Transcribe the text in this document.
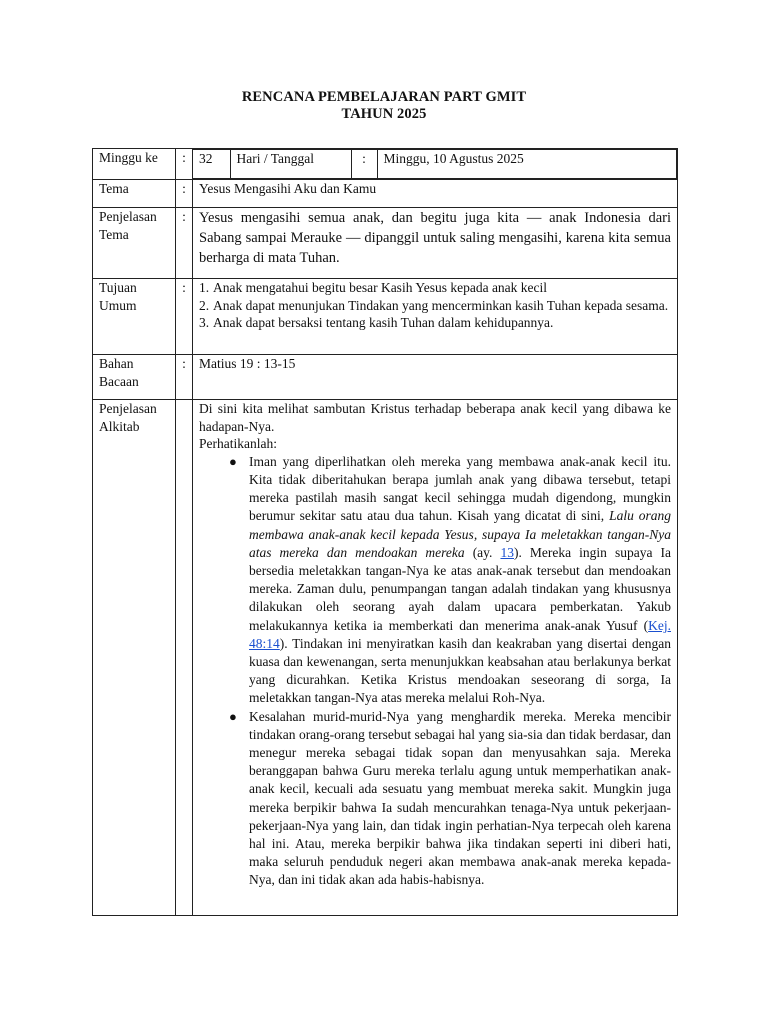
RENCANA PEMBELAJARAN PART GMIT
TAHUN 2025
Minggu ke	:	32	Hari / Tanggal	:	Minggu, 10 Agustus 2025

Tema	:	Yesus Mengasihi Aku dan Kamu

Penjelasan
Tema
	:	Yesus mengasihi semua anak, dan begitu juga kita — anak Indonesia dari Sabang sampai Merauke — dipanggil untuk saling mengasihi, karena kita semua berharga di mata Tuhan.

Tujuan
Umum
	:	1. Anak mengatahui begitu besar Kasih Yesus kepada anak kecil
2. Anak dapat menunjukan Tindakan yang mencerminkan kasih Tuhan kepada sesama.
3. Anak dapat bersaksi tentang kasih Tuhan dalam kehidupannya.

Bahan
Bacaan
	:	Matius 19 : 13-15

Penjelasan
Alkitab

Di sini kita melihat sambutan Kristus terhadap beberapa anak kecil yang dibawa ke hadapan-Nya.
Perhatikanlah:
● Iman yang diperlihatkan oleh mereka yang membawa anak-anak kecil itu. Kita tidak diberitahukan berapa jumlah anak yang dibawa tersebut, tetapi mereka pastilah masih sangat kecil sehingga mudah digendong, mungkin berumur sekitar satu atau dua tahun. Kisah yang dicatat di sini, Lalu orang membawa anak-anak kecil kepada Yesus, supaya Ia meletakkan tangan-Nya atas mereka dan mendoakan mereka (ay. 13). Mereka ingin supaya Ia bersedia meletakkan tangan-Nya ke atas anak-anak tersebut dan mendoakan mereka. Zaman dulu, penumpangan tangan adalah tindakan yang khususnya dilakukan oleh seorang ayah dalam upacara pemberkatan. Yakub melakukannya ketika ia memberkati dan menerima anak-anak Yusuf (Kej. 48:14). Tindakan ini menyiratkan kasih dan keakraban yang disertai dengan kuasa dan kewenangan, serta menunjukkan keabsahan atau berlakunya berkat yang dicurahkan. Ketika Kristus mendoakan seseorang di sorga, Ia meletakkan tangan-Nya atas mereka melalui Roh-Nya.
● Kesalahan murid-murid-Nya yang menghardik mereka. Mereka mencibir tindakan orang-orang tersebut sebagai hal yang sia-sia dan tidak berdasar, dan menegur mereka sebagai tidak sopan dan menyusahkan saja. Mereka beranggapan bahwa Guru mereka terlalu agung untuk memperhatikan anak-anak kecil, kecuali ada sesuatu yang membuat mereka sakit. Mungkin juga mereka berpikir bahwa Ia sudah mencurahkan tenaga-Nya untuk pekerjaan-pekerjaan-Nya yang lain, dan tidak ingin perhatian-Nya terpecah oleh karena hal ini. Atau, mereka berpikir bahwa jika tindakan seperti ini diberi hati, maka seluruh penduduk negeri akan membawa anak-anak mereka kepada-Nya, dan ini tidak akan ada habis-habisnya.
